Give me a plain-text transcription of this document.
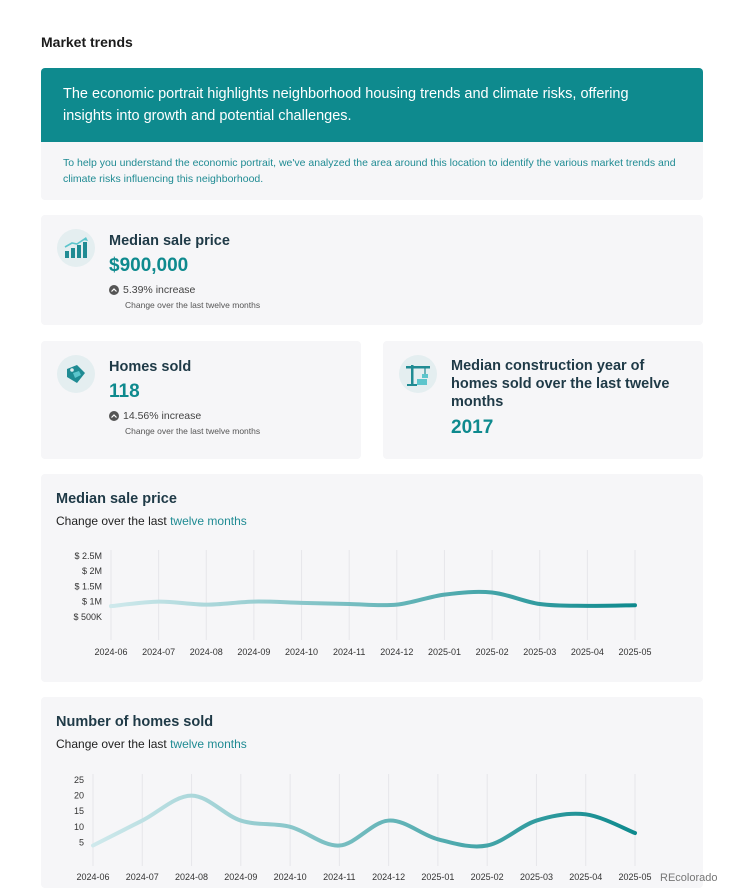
Market trends
The economic portrait highlights neighborhood housing trends and climate risks, offering insights into growth and potential challenges.
To help you understand the economic portrait, we've analyzed the area around this location to identify the various market trends and climate risks influencing this neighborhood.
Median sale price
$900,000
5.39% increase
Change over the last twelve months
Homes sold
118
14.56% increase
Change over the last twelve months
Median construction year of homes sold over the last twelve months
2017
Median sale price
Change over the last twelve months
$ 500K
$ 1M
$ 1.5M
$ 2M
$ 2.5M
2024-06 2024-07 2024-08 2024-09 2024-10 2024-11 2024-12 2025-01 2025-02 2025-03 2025-04 2025-05
Number of homes sold
Change over the last twelve months
5
10
15
20
25
2024-06 2024-07 2024-08 2024-09 2024-10 2024-11 2024-12 2025-01 2025-02 2025-03 2025-04 2025-05 REcolorado
